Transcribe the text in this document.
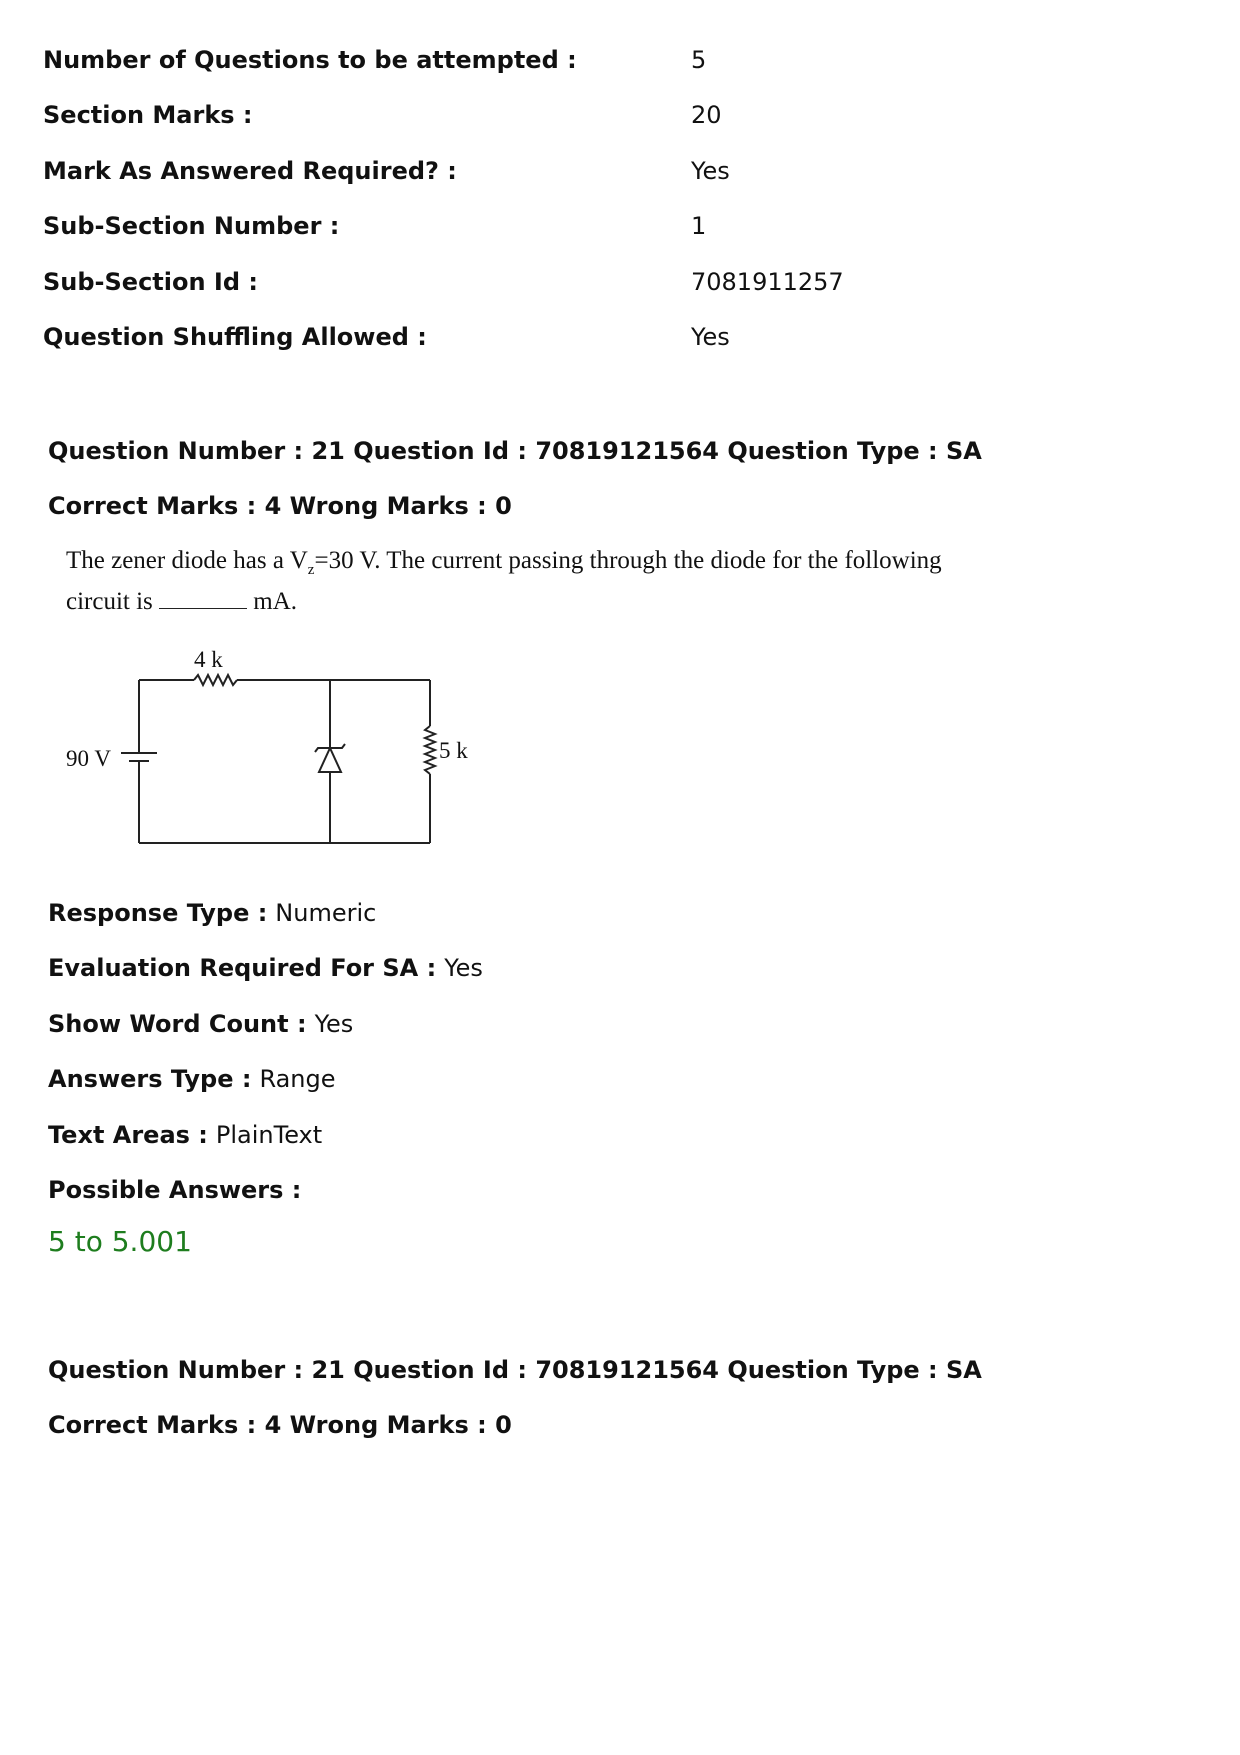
Number of Questions to be attempted :	5
Section Marks :	20
Mark As Answered Required? :	Yes
Sub-Section Number :	1
Sub-Section Id :	7081911257
Question Shuffling Allowed :	Yes
Question Number : 21 Question Id : 70819121564 Question Type : SA
Correct Marks : 4 Wrong Marks : 0
The zener diode has a $V_z=30$ V. The current passing through the diode for the following
circuit is	mA.
4 k
90 V	5 k
Response Type : Numeric
Evaluation Required For SA : Yes
Show Word Count : Yes
Answers Type : Range
Text Areas : PlainText
Possible Answers :
5 to 5.001
Question Number : 21 Question Id : 70819121564 Question Type : SA
Correct Marks : 4 Wrong Marks : 0
